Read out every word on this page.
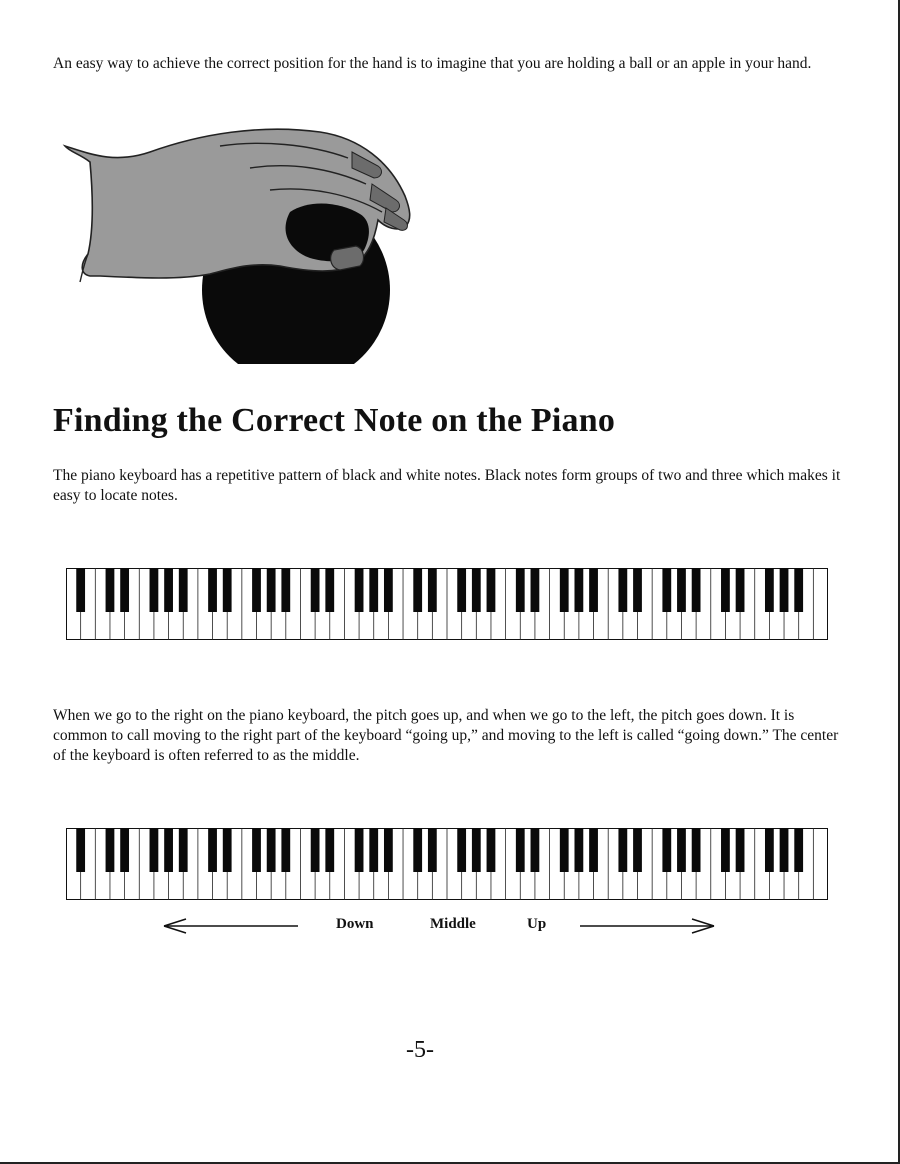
An easy way to achieve the correct position for the hand is to imagine that you are holding a ball or an apple in your hand.

Finding the Correct Note on the Piano

The piano keyboard has a repetitive pattern of black and white notes. Black notes form groups of two and three which makes it easy to locate notes.

When we go to the right on the piano keyboard, the pitch goes up, and when we go to the left, the pitch goes down. It is common to call moving to the right part of the keyboard “going up,” and moving to the left is called “going down.” The center of the keyboard is often referred to as the middle.

Down	Middle	Up
-5-
